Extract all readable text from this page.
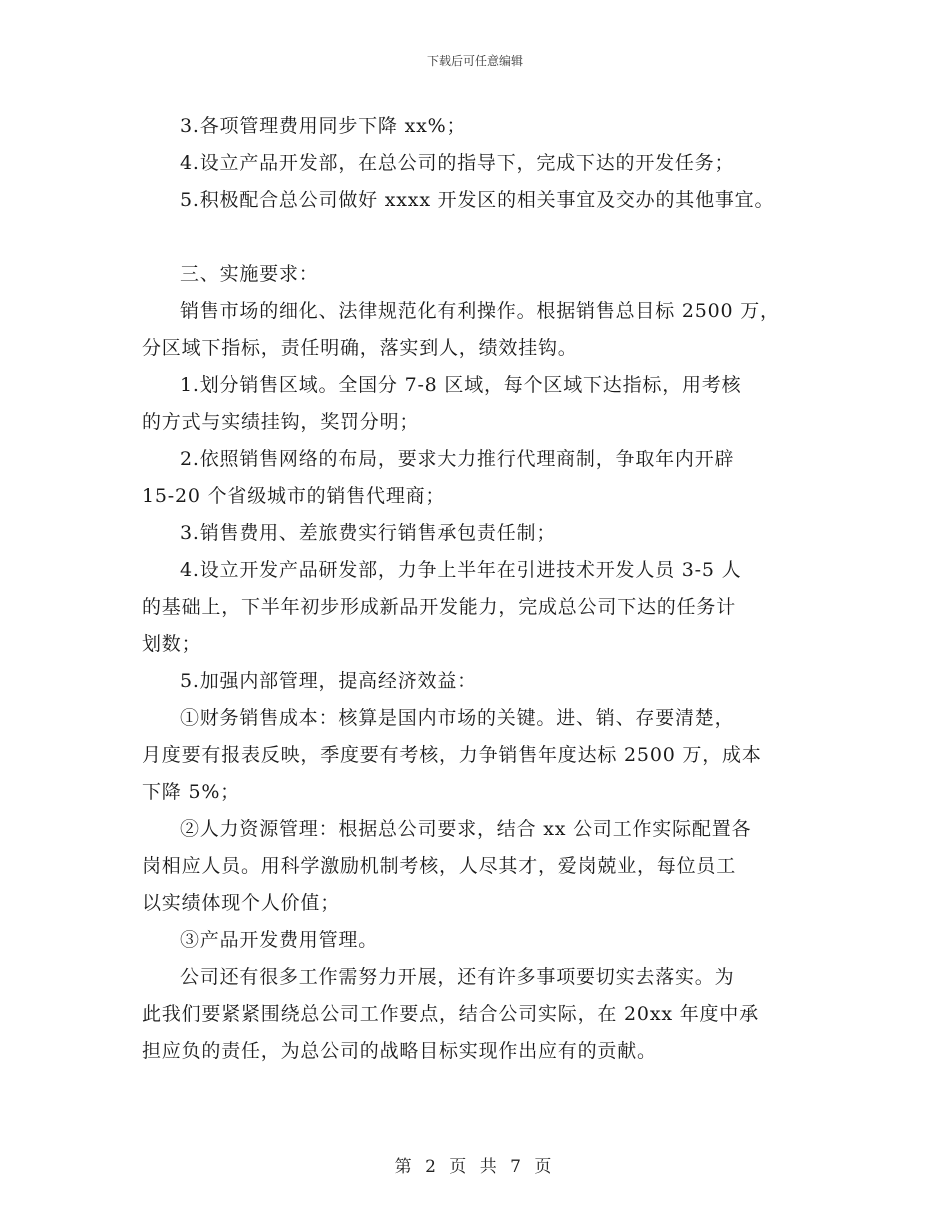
下载后可任意编辑

3.各项管理费用同步下降 xx%；

4.设立产品开发部，在总公司的指导下，完成下达的开发任务；

5.积极配合总公司做好 xxxx 开发区的相关事宜及交办的其他事宜。

三、实施要求：

销售市场的细化、法律规范化有利操作。根据销售总目标 2500 万，

分区域下指标，责任明确，落实到人，绩效挂钩。

1.划分销售区域。全国分 7-8 区域，每个区域下达指标，用考核

的方式与实绩挂钩，奖罚分明；

2.依照销售网络的布局，要求大力推行代理商制，争取年内开辟

15-20 个省级城市的销售代理商；

3.销售费用、差旅费实行销售承包责任制；

4.设立开发产品研发部，力争上半年在引进技术开发人员 3-5 人

的基础上，下半年初步形成新品开发能力，完成总公司下达的任务计

划数；

5.加强内部管理，提高经济效益：

①财务销售成本：核算是国内市场的关键。进、销、存要清楚，

月度要有报表反映，季度要有考核，力争销售年度达标 2500 万，成本

下降 5%；

②人力资源管理：根据总公司要求，结合 xx 公司工作实际配置各

岗相应人员。用科学激励机制考核，人尽其才，爱岗兢业，每位员工

以实绩体现个人价值；

③产品开发费用管理。

公司还有很多工作需努力开展，还有许多事项要切实去落实。为

此我们要紧紧围绕总公司工作要点，结合公司实际，在 20xx 年度中承

担应负的责任，为总公司的战略目标实现作出应有的贡献。

第 2 页 共 7 页
